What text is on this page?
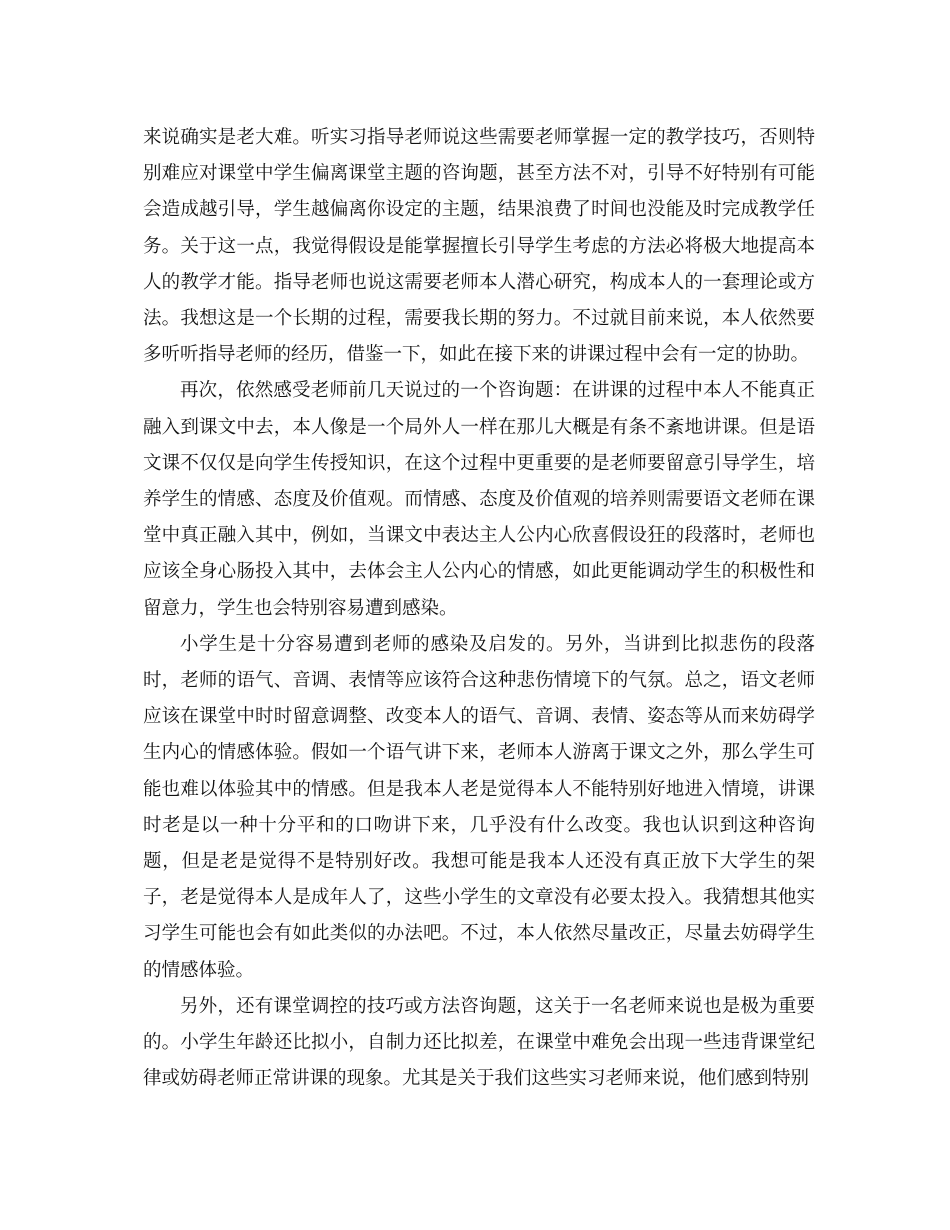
来说确实是老大难。听实习指导老师说这些需要老师掌握一定的教学技巧，否则特别难应对课堂中学生偏离课堂主题的咨询题，甚至方法不对，引导不好特别有可能会造成越引导，学生越偏离你设定的主题，结果浪费了时间也没能及时完成教学任务。关于这一点，我觉得假设是能掌握擅长引导学生考虑的方法必将极大地提高本人的教学才能。指导老师也说这需要老师本人潜心研究，构成本人的一套理论或方法。我想这是一个长期的过程，需要我长期的努力。不过就目前来说，本人依然要多听听指导老师的经历，借鉴一下，如此在接下来的讲课过程中会有一定的协助。

再次，依然感受老师前几天说过的一个咨询题：在讲课的过程中本人不能真正融入到课文中去，本人像是一个局外人一样在那儿大概是有条不紊地讲课。但是语文课不仅仅是向学生传授知识，在这个过程中更重要的是老师要留意引导学生，培养学生的情感、态度及价值观。而情感、态度及价值观的培养则需要语文老师在课堂中真正融入其中，例如，当课文中表达主人公内心欣喜假设狂的段落时，老师也应该全身心肠投入其中，去体会主人公内心的情感，如此更能调动学生的积极性和留意力，学生也会特别容易遭到感染。

小学生是十分容易遭到老师的感染及启发的。另外，当讲到比拟悲伤的段落时，老师的语气、音调、表情等应该符合这种悲伤情境下的气氛。总之，语文老师应该在课堂中时时留意调整、改变本人的语气、音调、表情、姿态等从而来妨碍学生内心的情感体验。假如一个语气讲下来，老师本人游离于课文之外，那么学生可能也难以体验其中的情感。但是我本人老是觉得本人不能特别好地进入情境，讲课时老是以一种十分平和的口吻讲下来，几乎没有什么改变。我也认识到这种咨询题，但是老是觉得不是特别好改。我想可能是我本人还没有真正放下大学生的架子，老是觉得本人是成年人了，这些小学生的文章没有必要太投入。我猜想其他实习学生可能也会有如此类似的办法吧。不过，本人依然尽量改正，尽量去妨碍学生的情感体验。

另外，还有课堂调控的技巧或方法咨询题，这关于一名老师来说也是极为重要的。小学生年龄还比拟小，自制力还比拟差，在课堂中难免会出现一些违背课堂纪律或妨碍老师正常讲课的现象。尤其是关于我们这些实习老师来说，他们感到特别
